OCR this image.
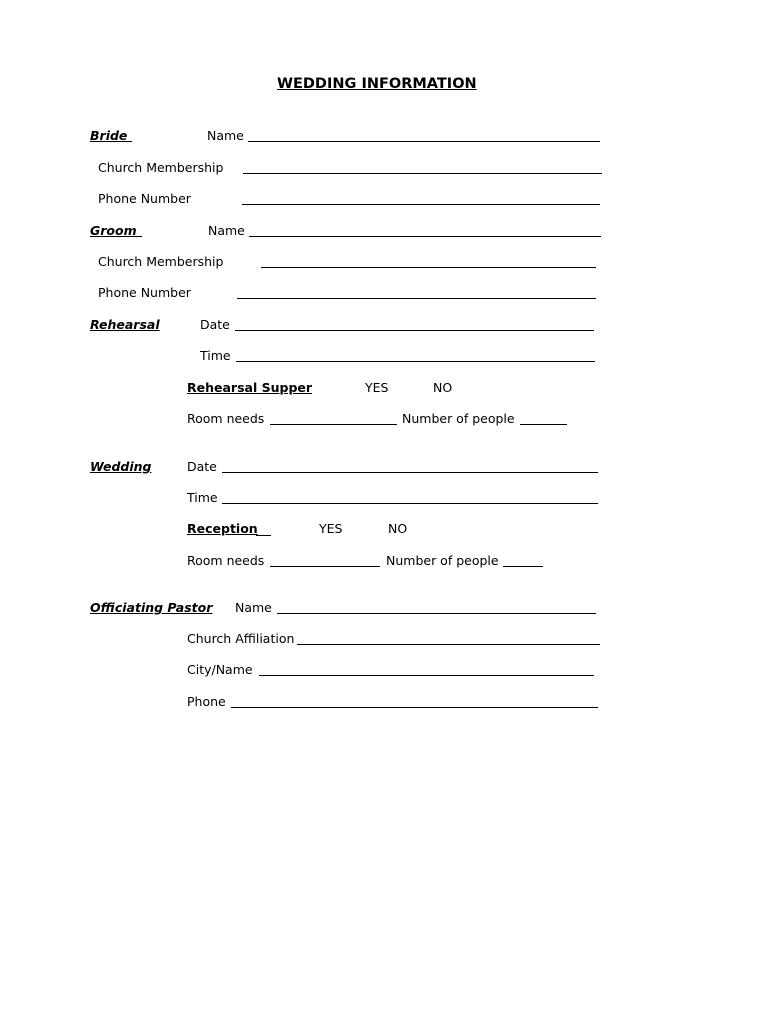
WEDDING INFORMATION
Bride	Name
Church Membership
Phone Number
Groom	Name
Church Membership
Phone Number
Rehearsal	Date
Time
Rehearsal Supper	YES	NO
Room needs	Number of people
Wedding	Date
Time
Reception	YES	NO
Room needs	Number of people
Officiating Pastor Name
Church Affiliation
City/Name
Phone
